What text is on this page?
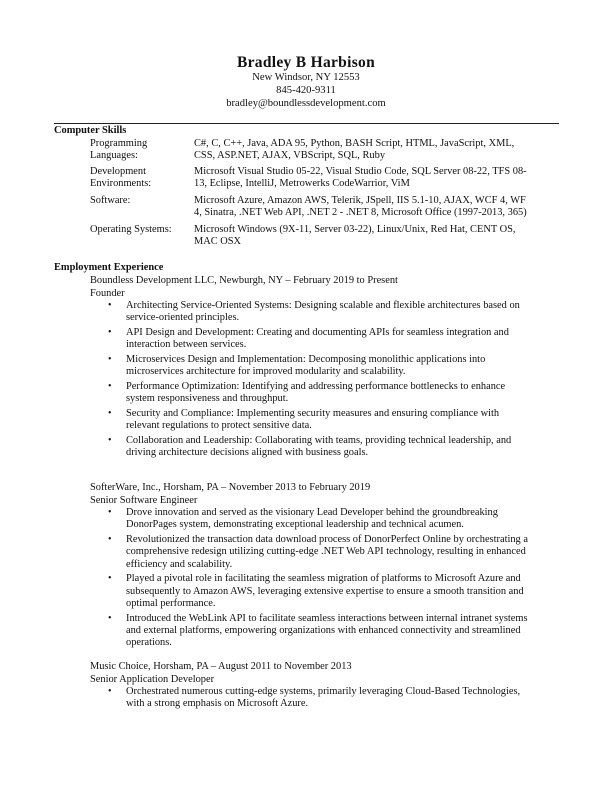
Bradley B Harbison
New Windsor, NY 12553
845-420-9311
bradley@boundlessdevelopment.com
Computer Skills
Programming
Languages:
C#, C, C++, Java, ADA 95, Python, BASH Script, HTML, JavaScript, XML,
CSS, ASP.NET, AJAX, VBScript, SQL, Ruby
Development
Environments:
Microsoft Visual Studio 05-22, Visual Studio Code, SQL Server 08-22, TFS 08-
13, Eclipse, IntelliJ, Metrowerks CodeWarrior, ViM
Software:	Microsoft Azure, Amazon AWS, Telerik, JSpell, IIS 5.1-10, AJAX, WCF 4, WF
4, Sinatra, .NET Web API, .NET 2 - .NET 8, Microsoft Office (1997-2013, 365)
Operating Systems:	Microsoft Windows (9X-11, Server 03-22), Linux/Unix, Red Hat, CENT OS,
MAC OSX
Employment Experience
Boundless Development LLC, Newburgh, NY – February 2019 to Present
Founder
• Architecting Service-Oriented Systems: Designing scalable and flexible architectures based on
service-oriented principles.
• API Design and Development: Creating and documenting APIs for seamless integration and
interaction between services.
• Microservices Design and Implementation: Decomposing monolithic applications into
microservices architecture for improved modularity and scalability.
• Performance Optimization: Identifying and addressing performance bottlenecks to enhance
system responsiveness and throughput.
• Security and Compliance: Implementing security measures and ensuring compliance with
relevant regulations to protect sensitive data.
• Collaboration and Leadership: Collaborating with teams, providing technical leadership, and
driving architecture decisions aligned with business goals.
SofterWare, Inc., Horsham, PA – November 2013 to February 2019
Senior Software Engineer
• Drove innovation and served as the visionary Lead Developer behind the groundbreaking
DonorPages system, demonstrating exceptional leadership and technical acumen.
• Revolutionized the transaction data download process of DonorPerfect Online by orchestrating a
comprehensive redesign utilizing cutting-edge .NET Web API technology, resulting in enhanced
efficiency and scalability.
• Played a pivotal role in facilitating the seamless migration of platforms to Microsoft Azure and
subsequently to Amazon AWS, leveraging extensive expertise to ensure a smooth transition and
optimal performance.
• Introduced the WebLink API to facilitate seamless interactions between internal intranet systems
and external platforms, empowering organizations with enhanced connectivity and streamlined
operations.
Music Choice, Horsham, PA – August 2011 to November 2013
Senior Application Developer
• Orchestrated numerous cutting-edge systems, primarily leveraging Cloud-Based Technologies,
with a strong emphasis on Microsoft Azure.
